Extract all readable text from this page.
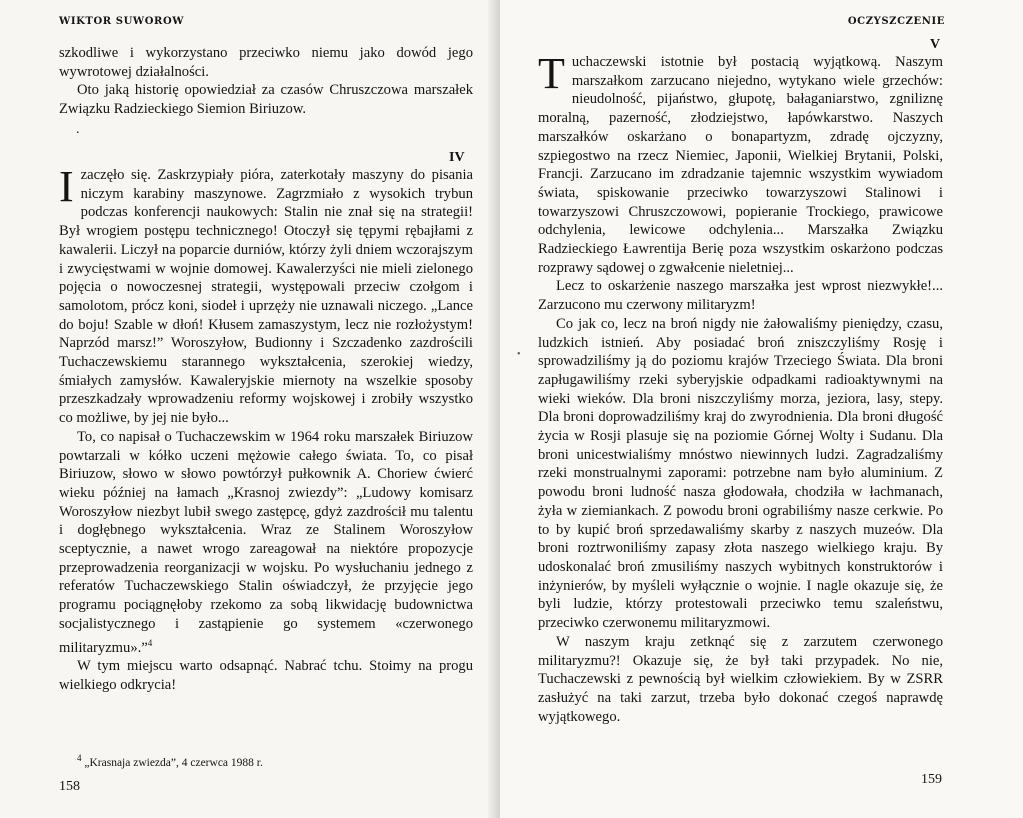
WIKTOR SUWOROW

szkodliwe i wykorzystano przeciwko niemu jako dowód jego wywrotowej działalności.

Oto jaką historię opowiedział za czasów Chruszczowa marszałek Związku Radzieckiego Siemion Biriuzow.

.
IV

Izaczęło się. Zaskrzypiały pióra, zaterkotały maszyny do pisania niczym karabiny maszynowe. Zagrzmiało z wysokich trybun podczas konferencji naukowych: Stalin nie znał się na strategii! Był wrogiem postępu technicznego! Otoczył się tępymi rębajłami z kawalerii. Liczył na poparcie durniów, którzy żyli dniem wczorajszym i zwycięstwami w wojnie domowej. Kawalerzyści nie mieli zielonego pojęcia o nowoczesnej strategii, występowali przeciw czołgom i samolotom, prócz koni, siodeł i uprzęży nie uznawali niczego. „Lance do boju! Szable w dłoń! Kłusem zamaszystym, lecz nie rozłożystym! Naprzód marsz!” Woroszyłow, Budionny i Szczadenko zazdrościli Tuchaczewskiemu starannego wykształcenia, szerokiej wiedzy, śmiałych zamysłów. Kawaleryjskie miernoty na wszelkie sposoby przeszkadzały wprowadzeniu reformy wojskowej i zrobiły wszystko co możliwe, by jej nie było...

To, co napisał o Tuchaczewskim w 1964 roku marszałek Biriuzow powtarzali w kółko uczeni mężowie całego świata. To, co pisał Biriuzow, słowo w słowo powtórzył pułkownik A. Choriew ćwierć wieku później na łamach „Krasnoj zwiezdy”: „Ludowy komisarz Woroszyłow niezbyt lubił swego zastępcę, gdyż zazdrościł mu talentu i dogłębnego wykształcenia. Wraz ze Stalinem Woroszyłow sceptycznie, a nawet wrogo zareagował na niektóre propozycje przeprowadzenia reorganizacji w wojsku. Po wysłuchaniu jednego z referatów Tuchaczewskiego Stalin oświadczył, że przyjęcie jego programu pociągnęłoby rzekomo za sobą likwidację budownictwa socjalistycznego i zastąpienie go systemem «czerwonego militaryzmu».”$^4$

W tym miejscu warto odsapnąć. Nabrać tchu. Stoimy na progu wielkiego odkrycia!

$^4$ „Krasnaja zwiezda”, 4 czerwca 1988 r.
158
OCZYSZCZENIE
V
•

Tuchaczewski istotnie był postacią wyjątkową. Naszym marszałkom zarzucano niejedno, wytykano wiele grzechów: nieudolność, pijaństwo, głupotę, bałaganiarstwo, zgniliznę moralną, pazerność, złodziejstwo, łapówkarstwo. Naszych marszałków oskarżano o bonapartyzm, zdradę ojczyzny, szpiegostwo na rzecz Niemiec, Japonii, Wielkiej Brytanii, Polski, Francji. Zarzucano im zdradzanie tajemnic wszystkim wywiadom świata, spiskowanie przeciwko towarzyszowi Stalinowi i towarzyszowi Chruszczowowi, popieranie Trockiego, prawicowe odchylenia, lewicowe odchylenia... Marszałka Związku Radzieckiego Ławrentija Berię poza wszystkim oskarżono podczas rozprawy sądowej o zgwałcenie nieletniej...

Lecz to oskarżenie naszego marszałka jest wprost niezwykłe!... Zarzucono mu czerwony militaryzm!

Co jak co, lecz na broń nigdy nie żałowaliśmy pieniędzy, czasu, ludzkich istnień. Aby posiadać broń zniszczyliśmy Rosję i sprowadziliśmy ją do poziomu krajów Trzeciego Świata. Dla broni zapługawiliśmy rzeki syberyjskie odpadkami radioaktywnymi na wieki wieków. Dla broni niszczyliśmy morza, jeziora, lasy, stepy. Dla broni doprowadziliśmy kraj do zwyrodnienia. Dla broni długość życia w Rosji plasuje się na poziomie Górnej Wolty i Sudanu. Dla broni unicestwialiśmy mnóstwo niewinnych ludzi. Zagradzaliśmy rzeki monstrualnymi zaporami: potrzebne nam było aluminium. Z powodu broni ludność nasza głodowała, chodziła w łachmanach, żyła w ziemiankach. Z powodu broni ograbiliśmy nasze cerkwie. Po to by kupić broń sprzedawaliśmy skarby z naszych muzeów. Dla broni roztrwoniliśmy zapasy złota naszego wielkiego kraju. By udoskonalać broń zmusiliśmy naszych wybitnych konstruktorów i inżynierów, by myśleli wyłącznie o wojnie. I nagle okazuje się, że byli ludzie, którzy protestowali przeciwko temu szaleństwu, przeciwko czerwonemu militaryzmowi.

W naszym kraju zetknąć się z zarzutem czerwonego militaryzmu?! Okazuje się, że był taki przypadek. No nie, Tuchaczewski z pewnością był wielkim człowiekiem. By w ZSRR zasłużyć na taki zarzut, trzeba było dokonać czegoś naprawdę wyjątkowego.

159
